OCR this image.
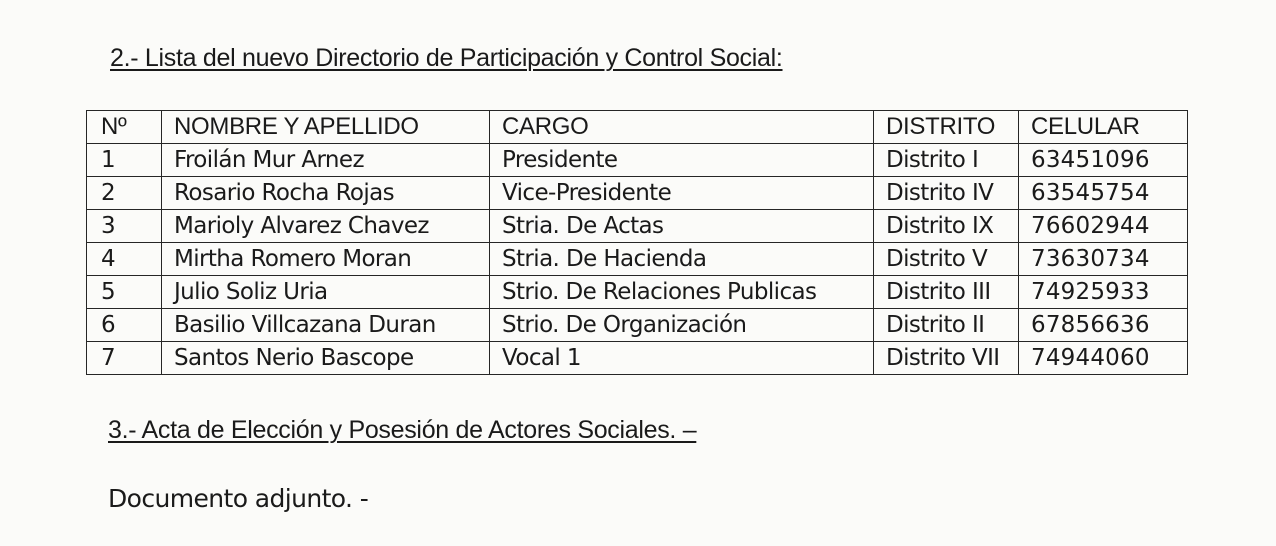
2.- Lista del nuevo Directorio de Participación y Control Social:
Nº	NOMBRE Y APELLIDO	CARGO	DISTRITO	CELULAR
1	Froilán Mur Arnez	Presidente	Distrito I	63451096
2	Rosario Rocha Rojas	Vice-Presidente	Distrito IV	63545754
3	Marioly Alvarez Chavez	Stria. De Actas	Distrito IX	76602944
4	Mirtha Romero Moran	Stria. De Hacienda	Distrito V	73630734
5	Julio Soliz Uria	Strio. De Relaciones Publicas	Distrito III	74925933
6	Basilio Villcazana Duran	Strio. De Organización	Distrito II	67856636
7	Santos Nerio Bascope	Vocal 1	Distrito VII	74944060
3.- Acta de Elección y Posesión de Actores Sociales. –
Documento adjunto. -
